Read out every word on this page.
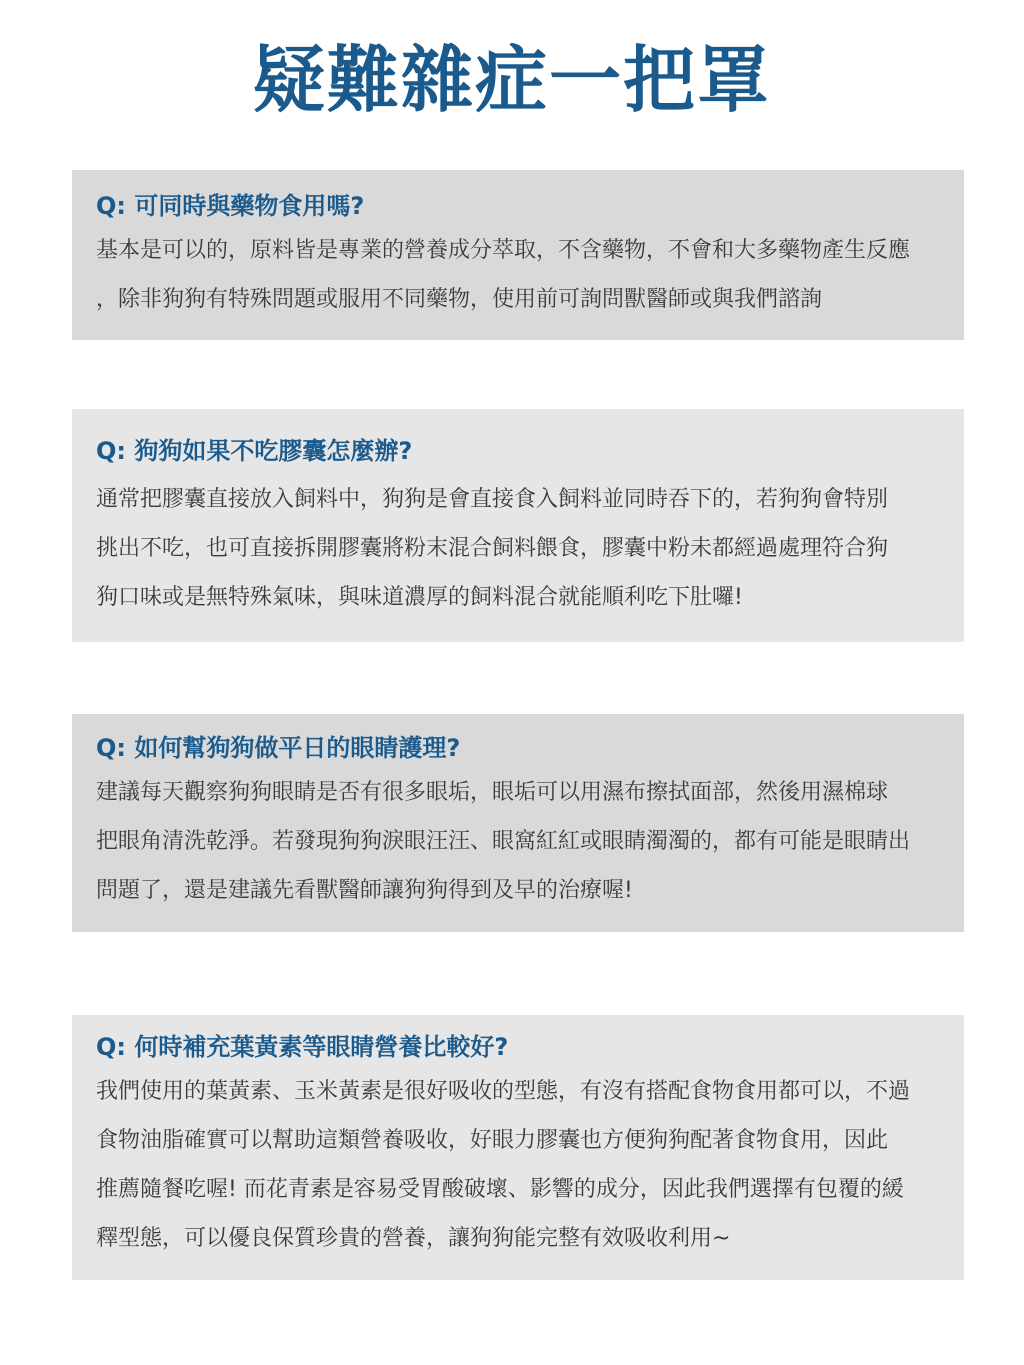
疑難雜症一把罩
Q: 可同時與藥物食用嗎?
基本是可以的，原料皆是專業的營養成分萃取，不含藥物，不會和大多藥物產生反應
，除非狗狗有特殊問題或服用不同藥物，使用前可詢問獸醫師或與我們諮詢
Q: 狗狗如果不吃膠囊怎麼辦?
通常把膠囊直接放入飼料中，狗狗是會直接食入飼料並同時吞下的，若狗狗會特別
挑出不吃，也可直接拆開膠囊將粉末混合飼料餵食，膠囊中粉未都經過處理符合狗
狗口味或是無特殊氣味，與味道濃厚的飼料混合就能順利吃下肚囉!
Q: 如何幫狗狗做平日的眼睛護理?
建議每天觀察狗狗眼睛是否有很多眼垢，眼垢可以用濕布擦拭面部，然後用濕棉球
把眼角清洗乾淨。若發現狗狗淚眼汪汪、眼窩紅紅或眼睛濁濁的，都有可能是眼睛出
問題了，還是建議先看獸醫師讓狗狗得到及早的治療喔!
Q: 何時補充葉黃素等眼睛營養比較好?
我們使用的葉黃素、玉米黃素是很好吸收的型態，有沒有搭配食物食用都可以，不過
食物油脂確實可以幫助這類營養吸收，好眼力膠囊也方便狗狗配著食物食用，因此
推薦隨餐吃喔! 而花青素是容易受胃酸破壞、影響的成分，因此我們選擇有包覆的緩
釋型態，可以優良保質珍貴的營養，讓狗狗能完整有效吸收利用~
